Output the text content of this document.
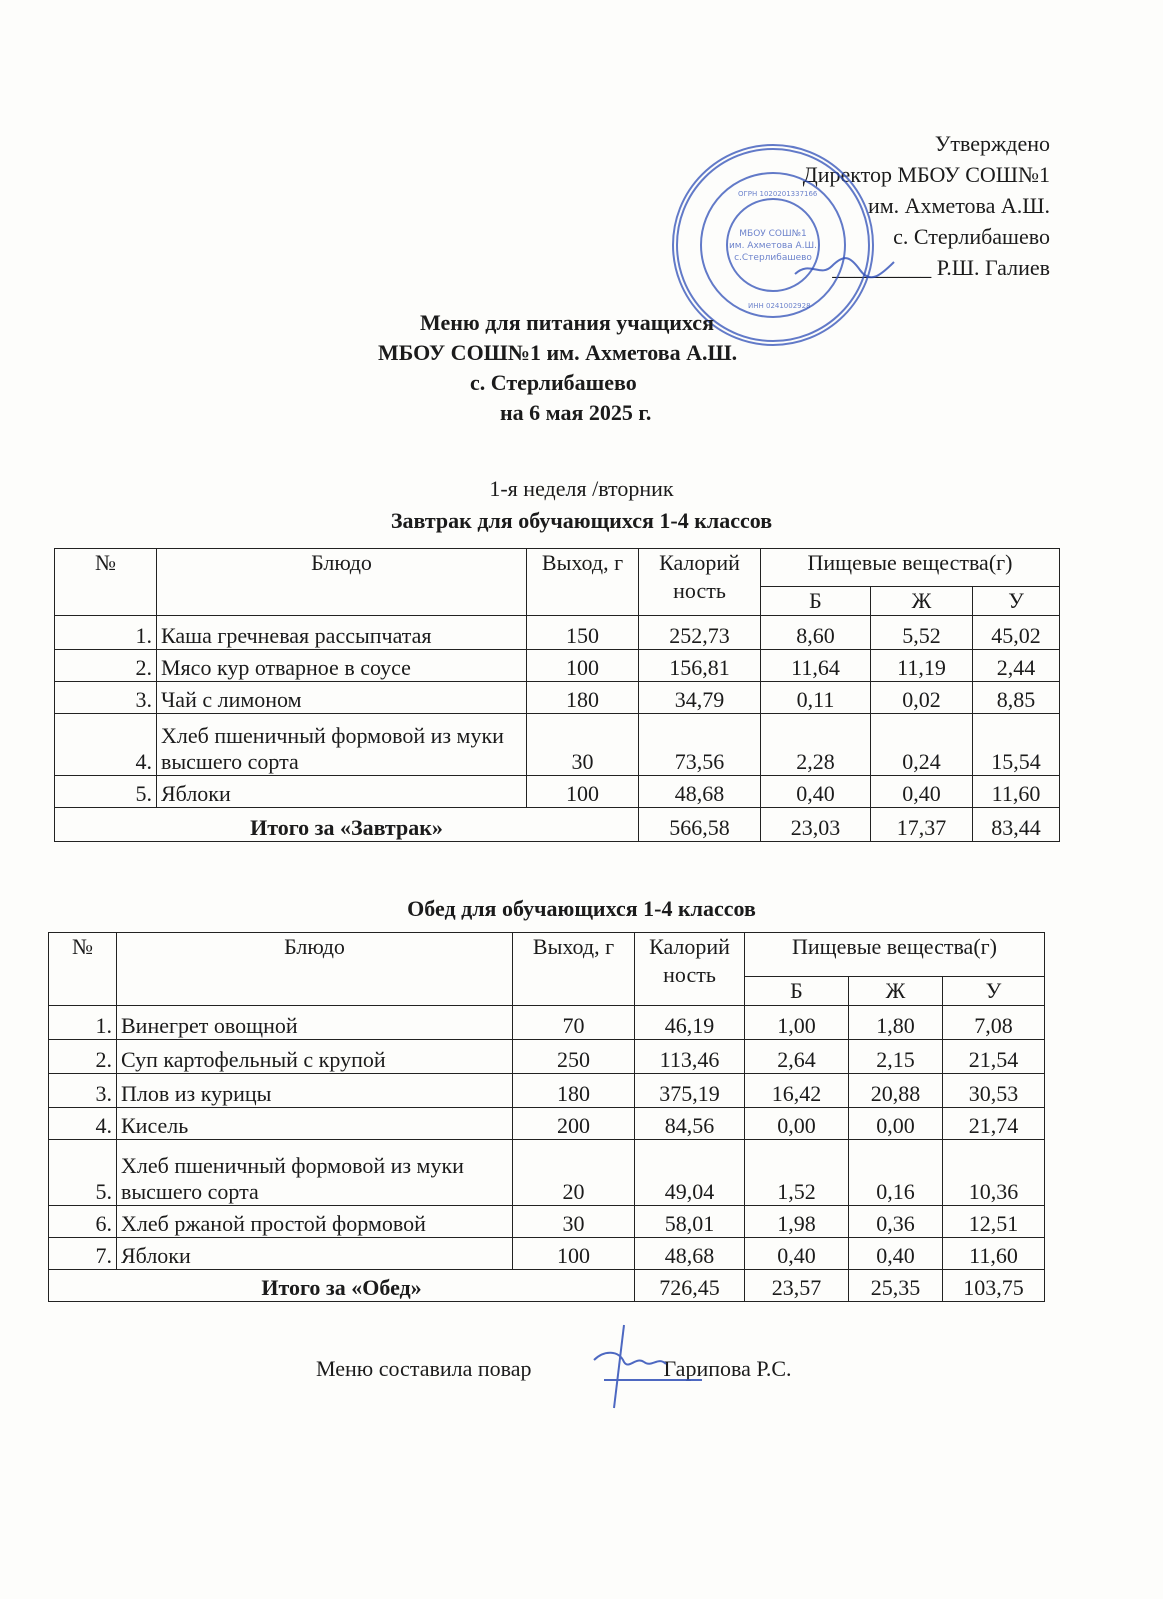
Утверждено
Директор МБОУ СОШ№1
им. Ахметова А.Ш.
с. Стерлибашево
_________ Р.Ш. Галиев
МБОУ СОШ№1
им. Ахметова А.Ш.
с.Стерлибашево
ОГРН 1020201337166
ИНН 0241002928
Меню для питания учащихся
МБОУ СОШ№1 им. Ахметова А.Ш.
с. Стерлибашево
на 6 мая 2025 г.
1-я неделя /вторник
Завтрак для обучающихся 1-4 классов
№	Блюдо	Выход, г	Калорий ность	Пищевые вещества(г)		
				Б	Ж	У
1.	Каша гречневая рассыпчатая	150	252,73	8,60	5,52	45,02
2.	Мясо кур отварное в соусе	100	156,81	11,64	11,19	2,44
3.	Чай с лимоном	180	34,79	0,11	0,02	8,85
4.	Хлеб пшеничный формовой из муки высшего сорта	30	73,56	2,28	0,24	15,54
5.	Яблоки	100	48,68	0,40	0,40	11,60
Итого за «Завтрак»			566,58	23,03	17,37	83,44
Обед для обучающихся 1-4 классов
№	Блюдо	Выход, г	Калорий ность	Пищевые вещества(г)		
				Б	Ж	У
1.	Винегрет овощной	70	46,19	1,00	1,80	7,08
2.	Суп картофельный с крупой	250	113,46	2,64	2,15	21,54
3.	Плов из курицы	180	375,19	16,42	20,88	30,53
4.	Кисель	200	84,56	0,00	0,00	21,74
5.	Хлеб пшеничный формовой из муки высшего сорта	20	49,04	1,52	0,16	10,36
6.	Хлеб ржаной простой формовой	30	58,01	1,98	0,36	12,51
7.	Яблоки	100	48,68	0,40	0,40	11,60
Итого за «Обед»			726,45	23,57	25,35	103,75
Меню составила повар	Гарипова Р.С.
